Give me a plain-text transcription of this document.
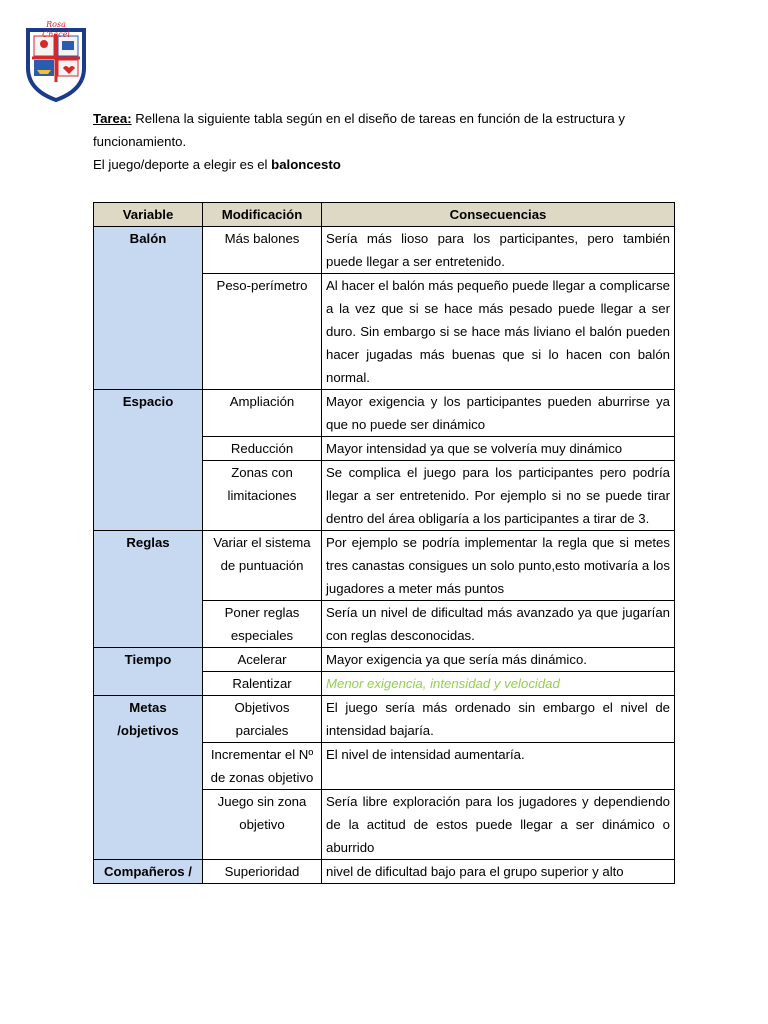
Rosa Chacel

Tarea: Rellena la siguiente tabla según en el diseño de tareas en función de la estructura y funcionamiento.

El juego/deporte a elegir es el baloncesto

Variable	Modificación	Consecuencias
Balón	Más balones	Sería más lioso para los participantes, pero también puede llegar a ser entretenido.
	Peso-perímetro	Al hacer el balón más pequeño puede llegar a complicarse a la vez que si se hace más pesado puede llegar a ser duro. Sin embargo si se hace más liviano el balón pueden hacer jugadas más buenas que si lo hacen con balón normal.
Espacio	Ampliación	Mayor exigencia y los participantes pueden aburrirse ya que no puede ser dinámico
	Reducción	Mayor intensidad ya que se volvería muy dinámico
	Zonas con limitaciones	Se complica el juego para los participantes pero podría llegar a ser entretenido. Por ejemplo si no se puede tirar dentro del área obligaría a los participantes a tirar de 3.
Reglas	Variar el sistema de puntuación	Por ejemplo se podría implementar la regla que si metes tres canastas consigues un solo punto,esto motivaría a los jugadores a meter más puntos
	Poner reglas especiales	Sería un nivel de dificultad más avanzado ya que jugarían con reglas desconocidas.
Tiempo	Acelerar	Mayor exigencia ya que sería más dinámico.
	Ralentizar	Menor exigencia, intensidad y velocidad
Metas /objetivos	Objetivos parciales	El juego sería más ordenado sin embargo el nivel de intensidad bajaría.
	Incrementar el Nº de zonas objetivo	El nivel de intensidad aumentaría.
	Juego sin zona objetivo	Sería libre exploración para los jugadores y dependiendo de la actitud de estos puede llegar a ser dinámico o aburrido
Compañeros /	Superioridad	nivel de dificultad bajo para el grupo superior y alto
